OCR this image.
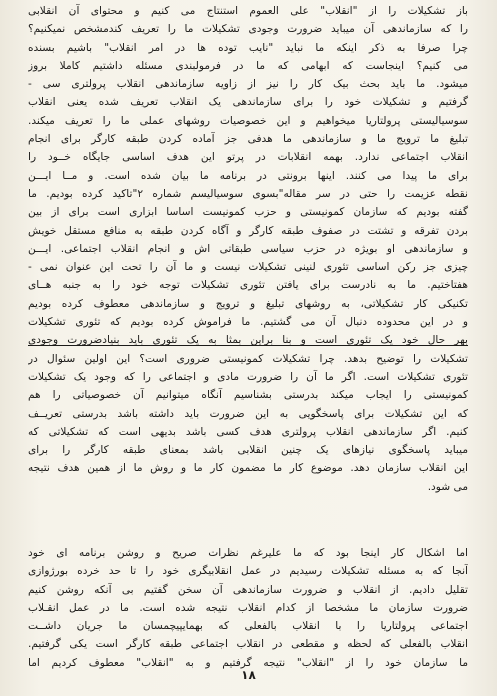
باز تشکیلات را از "انقلاب" علی العموم استنتاج می کنیم و محتوای آن انقلابی
را که سازماندهی آن میباید ضرورت وجودی تشکیلات ما را تعریف کندمشخص نمیکنیم؟
چرا صرفا به ذکر اینکه ما نباید "نایب توده ها در امر انقلاب" باشیم بسنده
می کنیم؟ اینجاست که ابهامی که ما در فرمولبندی مسئله داشتیم کاملا بروز
میشود. ما باید بحث بیک کار را نیز از زاویه سازماندهی انقلاب پرولتری سی -
گرفتیم و تشکیلات خود را برای سازماندهی یک انقلاب تعریف شده یعنی انقلاب
سوسیالیستی پرولتاریا میخواهیم و این خصوصیات روشهای عملی ما را تعریف میکند.
تبلیغ ما ترویج ما و سازماندهی ما هدفی جز آماده کردن طبقه کارگر برای انجام
انقلاب اجتماعی ندارد. بهمه انقلابات در پرتو این هدف اساسی جایگاه خــود را
برای ما پیدا می کنند. اینها برونتی در برنامه ما بیان شده است. و مــا ایـــن
نقطه عزیمت را حتی در سر مقاله"بسوی سوسیالیسم شماره ۲"تاکید کرده بودیم. ما
گفته بودیم که سازمان کمونیستی و حزب کمونیست اساسا ابزاری است برای از بین
بردن تفرقه و تشتت در صفوف طبقه کارگر و آگاه کردن طبقه به منافع مستقل خویش
و سازماندهی او بویژه در حزب سیاسی طبقاتی اش و انجام انقلاب اجتماعی. ایـــن
چیزی جز رکن اساسی تئوری لنینی تشکیلات نیست و ما آن را تحت این عنوان نمی -
هفتاختیم. ما به نادرست برای یافتن تئوری تشکیلات توجه خود را به جنبه هــای
تکنیکی کار تشکیلاتی، به روشهای تبلیغ و ترویج و سازماندهی معطوف کرده بودیم
و در این محدوده دنبال آن می گشتیم. ما فراموش کرده بودیم که تئوری تشکیلات
بهر حال خود یک تئوری است و بنا براین بمثا به یک تئوری باید بنیادضرورت وجودی
تشکیلات را توضیح بدهد. چرا تشکیلات کمونیستی ضروری است؟ این اولین سئوال در
تئوری تشکیلات است. اگر ما آن را ضرورت مادی و اجتماعی را که وجود یک تشکیلات
کمونیستی را ایجاب میکند بدرستی بشناسیم آنگاه میتوانیم آن خصوصیاتی را هم
که این تشکیلات برای پاسخگویی به این ضرورت باید داشته باشد بدرستی تعریــف
کنیم. اگر سازماندهی انقلاب پرولتری هدف کسی باشد بدیهی است که تشکیلاتی که
میباید پاسخگوی نیازهای یک چنین انقلابی باشد بمعنای طبقه کارگر را برای
این انقلاب سازمان دهد. موضوع کار ما مضمون کار ما و روش ما از همین هدف نتیجه
می شود.
اما اشکال کار اینجا بود که ما علیرغم نظرات صریح و روشن برنامه ای خود
آنجا که به مسئله تشکیلات رسیدیم در عمل انقلابیگری خود را تا حد خرده بورژوازی
تقلیل دادیم. از انقلاب و ضرورت سازماندهی آن سخن گفتیم بی آنکه روشن کنیم
ضرورت سازمان ما مشخصا از کدام انقلاب نتیجه شده است. ما در عمل انقـلاب
اجتماعی پرولتاریا را با انقلاب بالفعلی که بهمایپیچمسان ما جریان داشــت
انقلاب بالفعلی که لحظه و مقطعی در انقلاب اجتماعی طبقه کارگر است یکی گرفتیم.
ما سازمان خود را از "انقلاب" نتیجه گرفتیم و به "انقلاب" معطوف کردیم اما
۱۸
